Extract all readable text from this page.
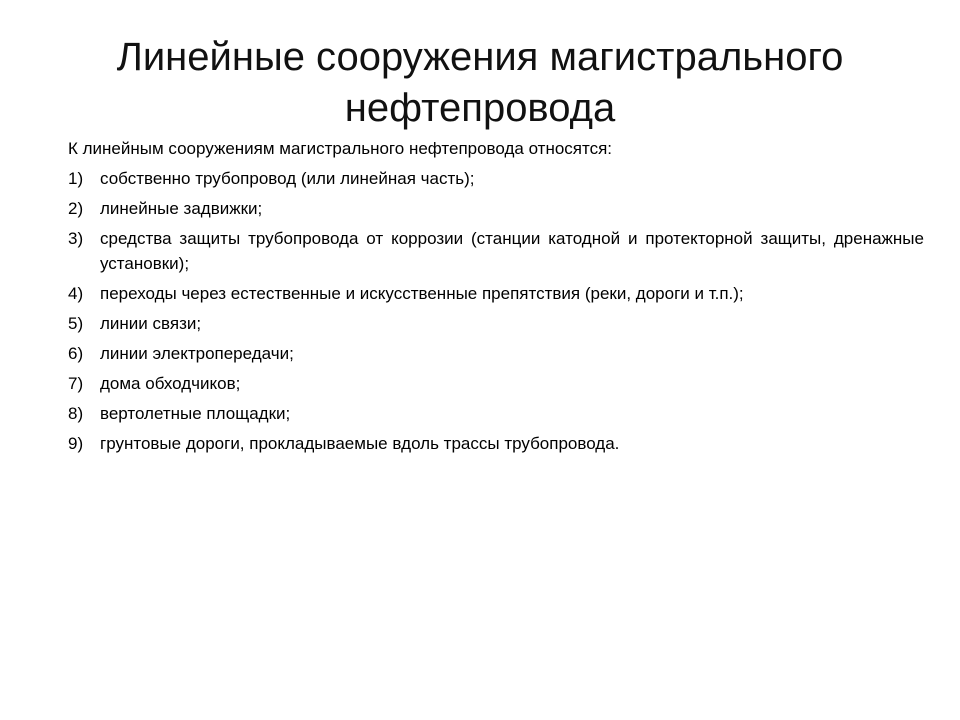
Линейные сооружения магистрального нефтепровода

К линейным сооружениям магистрального нефтепровода относятся:

1) собственно трубопровод (или линейная часть);
2) линейные задвижки;
3) средства защиты трубопровода от коррозии (станции катодной и протекторной защиты, дренажные установки);
4) переходы через естественные и искусственные препятствия (реки, дороги и т.п.);
5) линии связи;
6) линии электропередачи;
7) дома обходчиков;
8) вертолетные площадки;
9) грунтовые дороги, прокладываемые вдоль трассы трубопровода.
